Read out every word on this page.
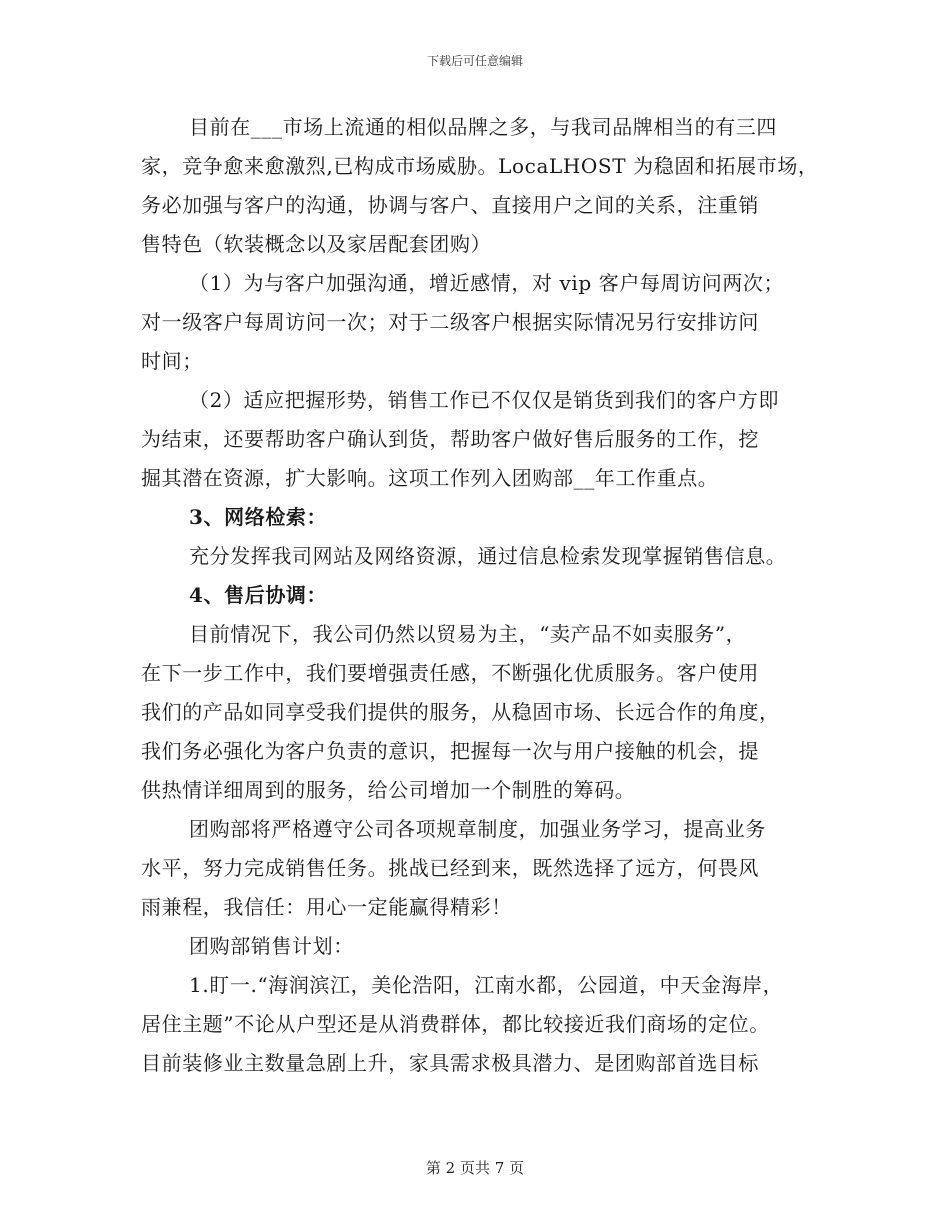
下载后可任意编辑

目前在___市场上流通的相似品牌之多，与我司品牌相当的有三四

家，竞争愈来愈激烈,已构成市场威胁。LocaLHOST 为稳固和拓展市场，

务必加强与客户的沟通，协调与客户、直接用户之间的关系，注重销

售特色（软装概念以及家居配套团购）

（1）为与客户加强沟通，增近感情，对 vip 客户每周访问两次；

对一级客户每周访问一次；对于二级客户根据实际情况另行安排访问

时间；

（2）适应把握形势，销售工作已不仅仅是销货到我们的客户方即

为结束，还要帮助客户确认到货，帮助客户做好售后服务的工作，挖

掘其潜在资源，扩大影响。这项工作列入团购部__年工作重点。

3、网络检索：

充分发挥我司网站及网络资源，通过信息检索发现掌握销售信息。

4、售后协调：

目前情况下，我公司仍然以贸易为主，“卖产品不如卖服务”，

在下一步工作中，我们要增强责任感，不断强化优质服务。客户使用

我们的产品如同享受我们提供的服务，从稳固市场、长远合作的角度，

我们务必强化为客户负责的意识，把握每一次与用户接触的机会，提

供热情详细周到的服务，给公司增加一个制胜的筹码。

团购部将严格遵守公司各项规章制度，加强业务学习，提高业务

水平，努力完成销售任务。挑战已经到来，既然选择了远方，何畏风

雨兼程，我信任：用心一定能赢得精彩！

团购部销售计划：

1.盯一.“海润滨江，美伦浩阳，江南水都，公园道，中天金海岸，

居住主题”不论从户型还是从消费群体，都比较接近我们商场的定位。

目前装修业主数量急剧上升，家具需求极具潜力、是团购部首选目标

第 2 页共 7 页
